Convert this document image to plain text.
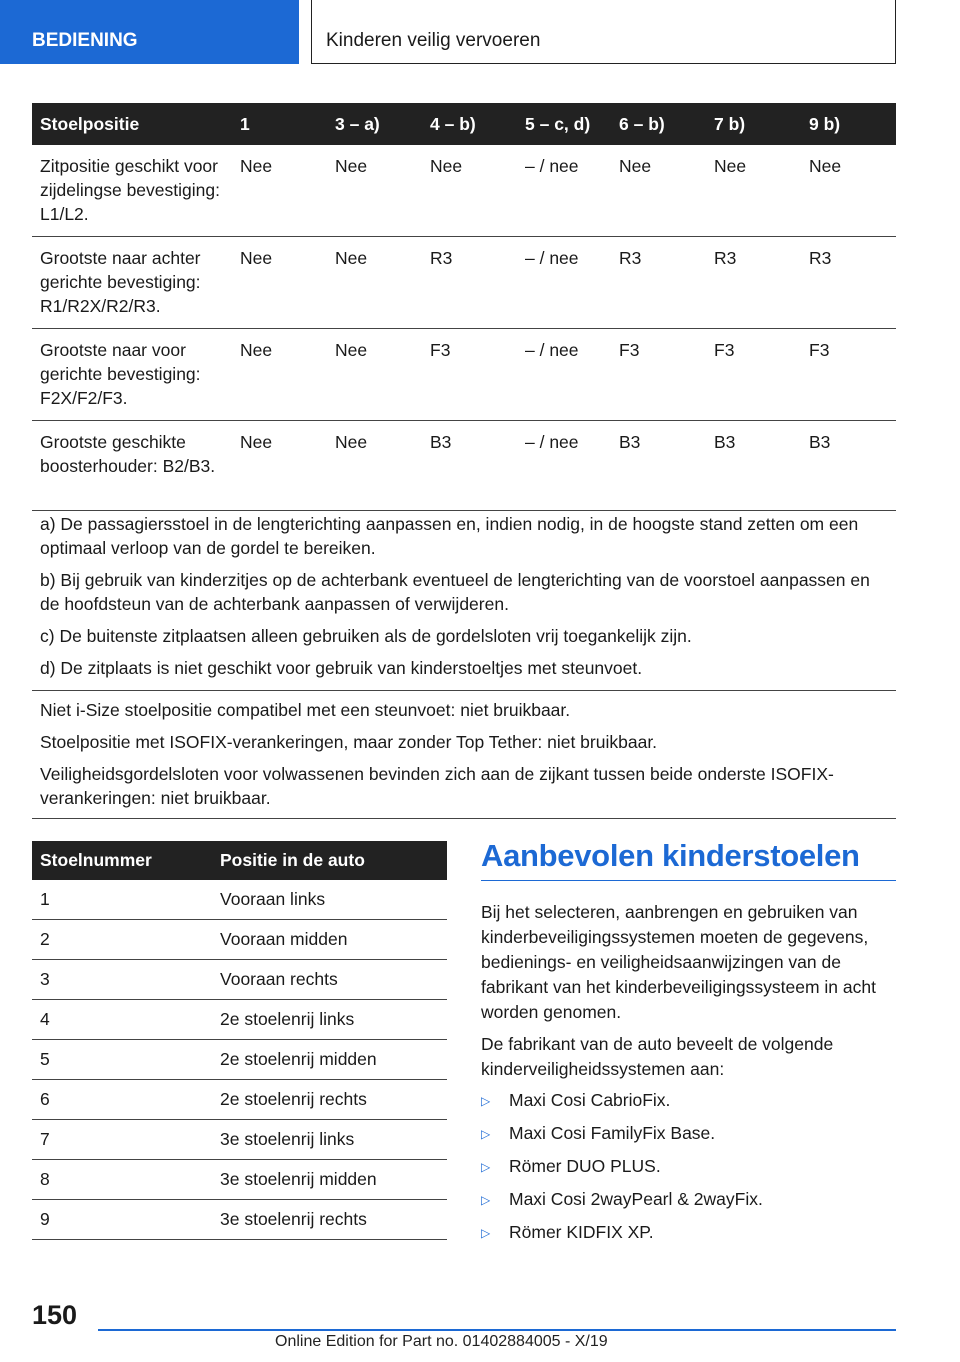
BEDIENING	Kinderen veilig vervoeren
Stoelpositie	1	3 – a)	4 – b)	5 – c, d)	6 – b)	7 b)	9 b)
Zitpositie geschikt voor zijdelingse bevestiging: L1/L2.	Nee	Nee	Nee	– / nee	Nee	Nee	Nee
Grootste naar achter gerichte bevestiging: R1/R2X/R2/R3.	Nee	Nee	R3	– / nee	R3	R3	R3
Grootste naar voor gerichte bevestiging: F2X/F2/F3.	Nee	Nee	F3	– / nee	F3	F3	F3
Grootste geschikte boosterhouder: B2/B3.	Nee	Nee	B3	– / nee	B3	B3	B3

a) De passagiersstoel in de lengterichting aanpassen en, indien nodig, in de hoogste stand zetten om een optimaal verloop van de gordel te bereiken.

b) Bij gebruik van kinderzitjes op de achterbank eventueel de lengterichting van de voorstoel aanpassen en de hoofdsteun van de achterbank aanpassen of verwijderen.

c) De buitenste zitplaatsen alleen gebruiken als de gordelsloten vrij toegankelijk zijn.

d) De zitplaats is niet geschikt voor gebruik van kinderstoeltjes met steunvoet.

Niet i-Size stoelpositie compatibel met een steunvoet: niet bruikbaar.

Stoelpositie met ISOFIX-verankeringen, maar zonder Top Tether: niet bruikbaar.

Veiligheidsgordelsloten voor volwassenen bevinden zich aan de zijkant tussen beide onderste ISOFIX-verankeringen: niet bruikbaar.

Stoelnummer	Positie in de auto
1	Vooraan links
2	Vooraan midden
3	Vooraan rechts
4	2e stoelenrij links
5	2e stoelenrij midden
6	2e stoelenrij rechts
7	3e stoelenrij links
8	3e stoelenrij midden
9	3e stoelenrij rechts
Aanbevolen kinderstoelen

Bij het selecteren, aanbrengen en gebruiken van kinderbeveiligingssystemen moeten de gegevens, bedienings- en veiligheidsaanwijzingen van de fabrikant van het kinderbeveiligingssysteem in acht worden genomen.

De fabrikant van de auto beveelt de volgende kinderveiligheidssystemen aan:

▷	Maxi Cosi CabrioFix.
▷	Maxi Cosi FamilyFix Base.
▷	Römer DUO PLUS.
▷	Maxi Cosi 2wayPearl & 2wayFix.
▷	Römer KIDFIX XP.
150
Online Edition for Part no. 01402884005 - X/19
